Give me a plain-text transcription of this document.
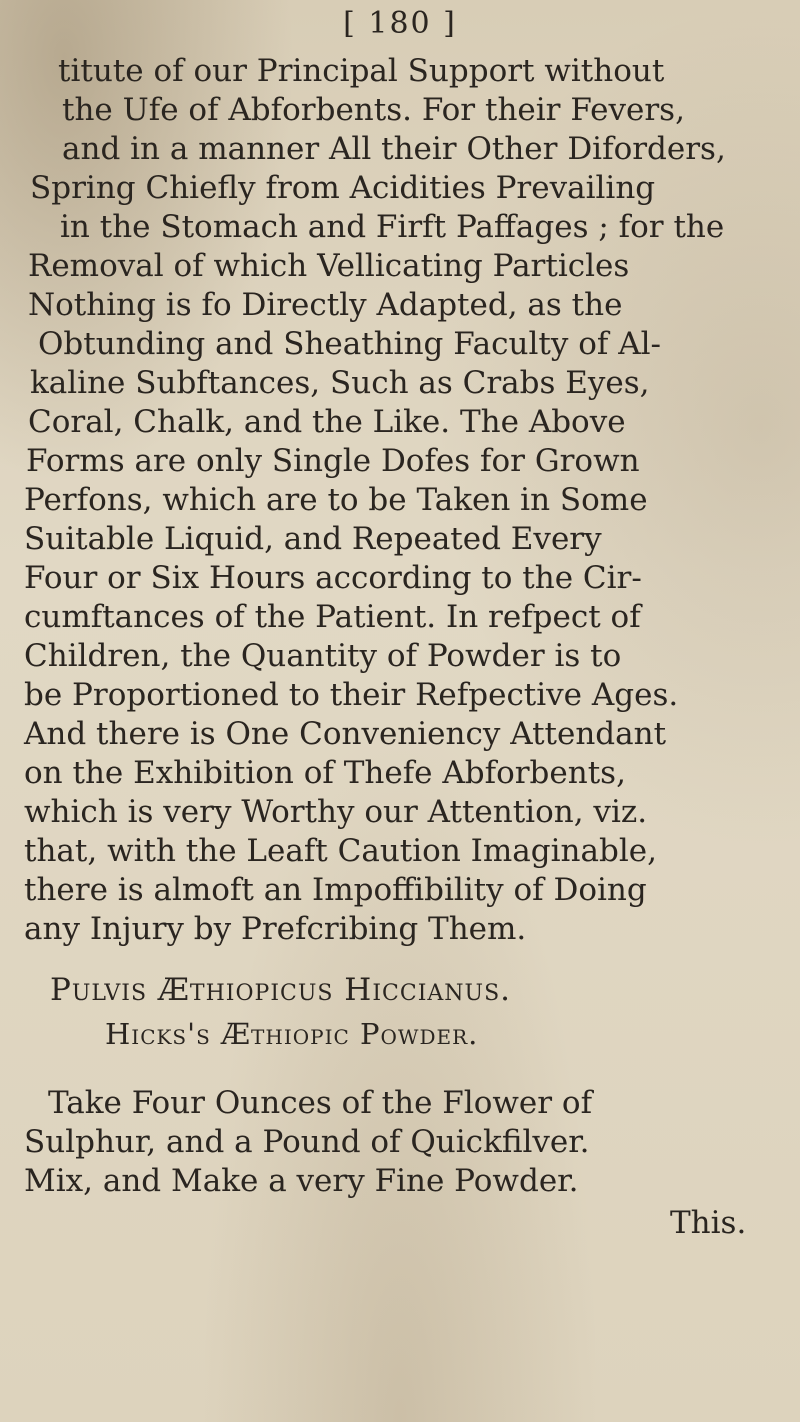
[ 180 ]
titute of our Principal Support without
the Ufe of Abforbents. For their Fevers,
and in a manner All their Other Diforders,
Spring Chiefly from Acidities Prevailing
in the Stomach and Firft Paffages ; for the
Removal of which Vellicating Particles
Nothing is fo Directly Adapted, as the
Obtunding and Sheathing Faculty of Al-
kaline Subftances, Such as Crabs Eyes,
Coral, Chalk, and the Like. The Above
Forms are only Single Dofes for Grown
Perfons, which are to be Taken in Some
Suitable Liquid, and Repeated Every
Four or Six Hours according to the Cir-
cumftances of the Patient. In refpect of
Children, the Quantity of Powder is to
be Proportioned to their Refpective Ages.
And there is One Conveniency Attendant
on the Exhibition of Thefe Abforbents,
which is very Worthy our Attention, viz.
that, with the Leaft Caution Imaginable,
there is almoft an Impoffibility of Doing
any Injury by Prefcribing Them.
Pulvis Æthiopicus Hiccianus.
Hicks's Æthiopic Powder.
Take Four Ounces of the Flower of
Sulphur, and a Pound of Quickfilver.
Mix, and Make a very Fine Powder.
This.
